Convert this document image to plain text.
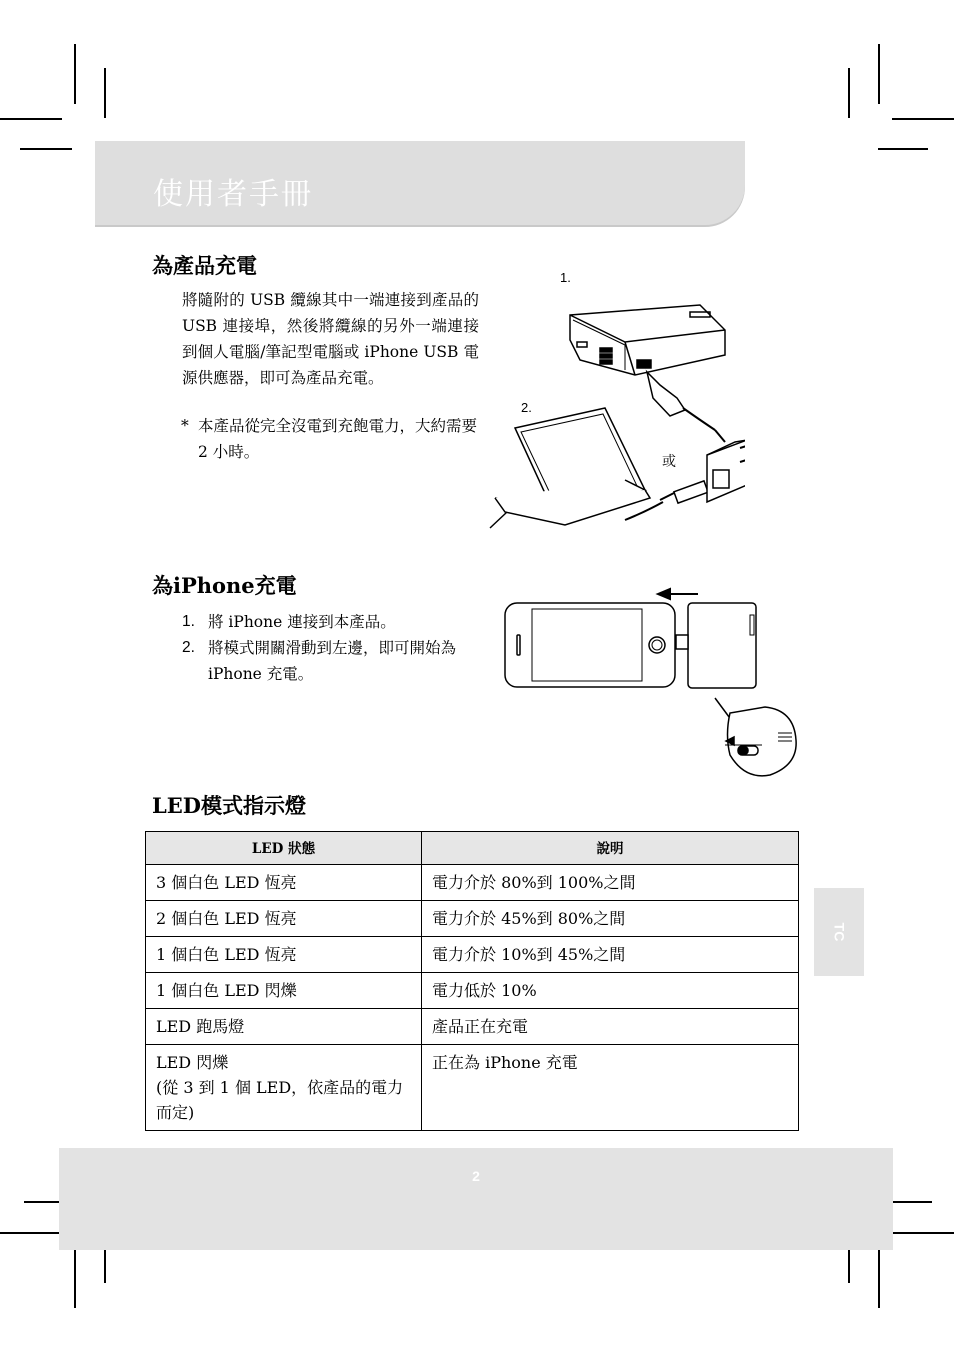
使用者手冊
為產品充電
將隨附的 USB 纜線其中一端連接到產品的 USB 連接埠，然後將纜線的另外一端連接到個人電腦/筆記型電腦或 iPhone USB 電源供應器，即可為產品充電。
* 本產品從完全沒電到充飽電力，大約需要 2 小時。
1.
2.
或
為iPhone充電
1. 將 iPhone 連接到本產品。
2. 將模式開關滑動到左邊，即可開始為 iPhone 充電。
LED模式指示燈
LED 狀態	說明
3 個白色 LED 恆亮	電力介於 80%到 100%之間
2 個白色 LED 恆亮	電力介於 45%到 80%之間
1 個白色 LED 恆亮	電力介於 10%到 45%之間
1 個白色 LED 閃爍	電力低於 10%
LED 跑馬燈	產品正在充電
LED 閃爍
(從 3 到 1 個 LED，依產品的電力而定)	正在為 iPhone 充電
TC
2
